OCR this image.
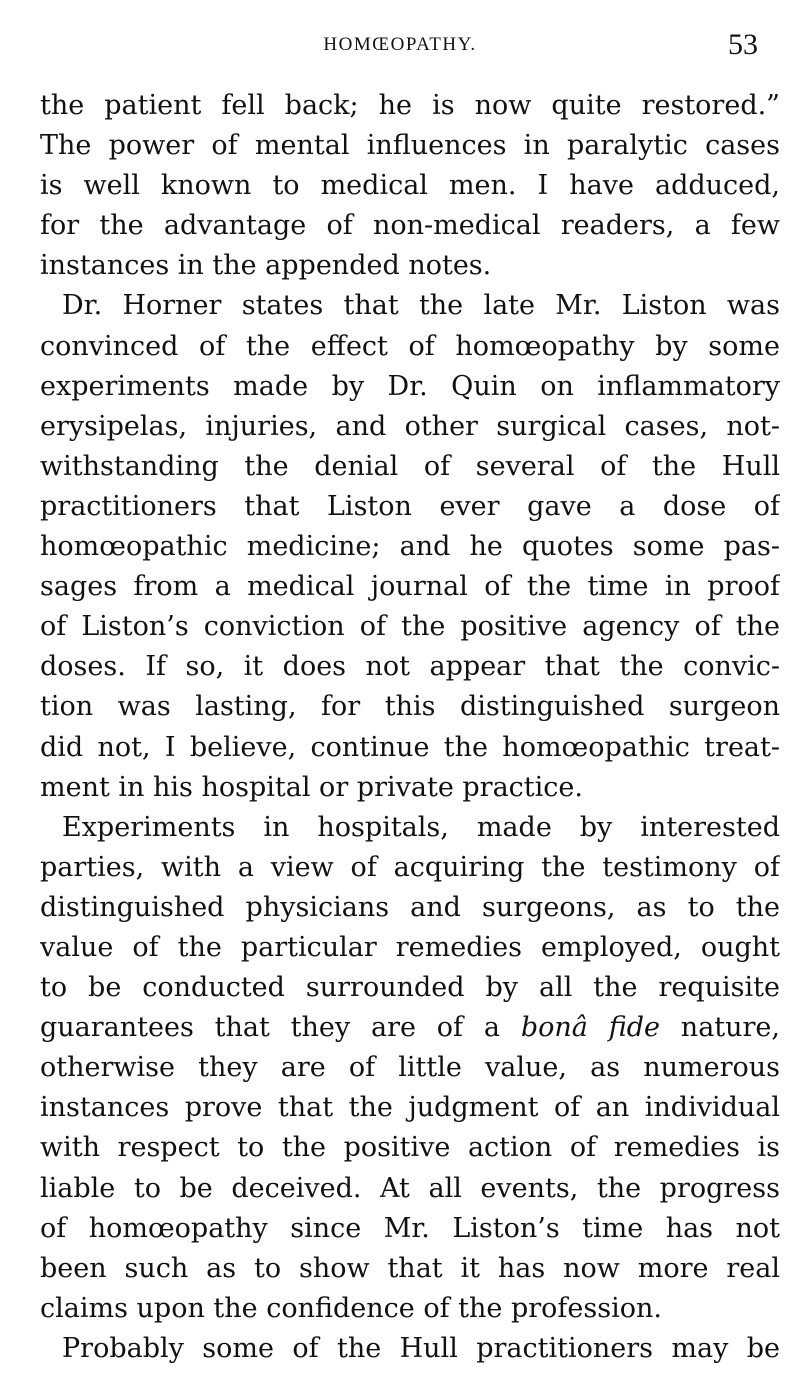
HOMŒOPATHY.	53
the patient fell back; he is now quite restored.”
The power of mental influences in paralytic cases
is well known to medical men. I have adduced,
for the advantage of non-medical readers, a few
instances in the appended notes.
Dr. Horner states that the late Mr. Liston was
convinced of the effect of homœopathy by some
experiments made by Dr. Quin on inflammatory
erysipelas, injuries, and other surgical cases, not-
withstanding the denial of several of the Hull
practitioners that Liston ever gave a dose of
homœopathic medicine; and he quotes some pas-
sages from a medical journal of the time in proof
of Liston’s conviction of the positive agency of the
doses. If so, it does not appear that the convic-
tion was lasting, for this distinguished surgeon
did not, I believe, continue the homœopathic treat-
ment in his hospital or private practice.
Experiments in hospitals, made by interested
parties, with a view of acquiring the testimony of
distinguished physicians and surgeons, as to the
value of the particular remedies employed, ought
to be conducted surrounded by all the requisite
guarantees that they are of a bonâ fide nature,
otherwise they are of little value, as numerous
instances prove that the judgment of an individual
with respect to the positive action of remedies is
liable to be deceived. At all events, the progress
of homœopathy since Mr. Liston’s time has not
been such as to show that it has now more real
claims upon the confidence of the profession.
Probably some of the Hull practitioners may be
